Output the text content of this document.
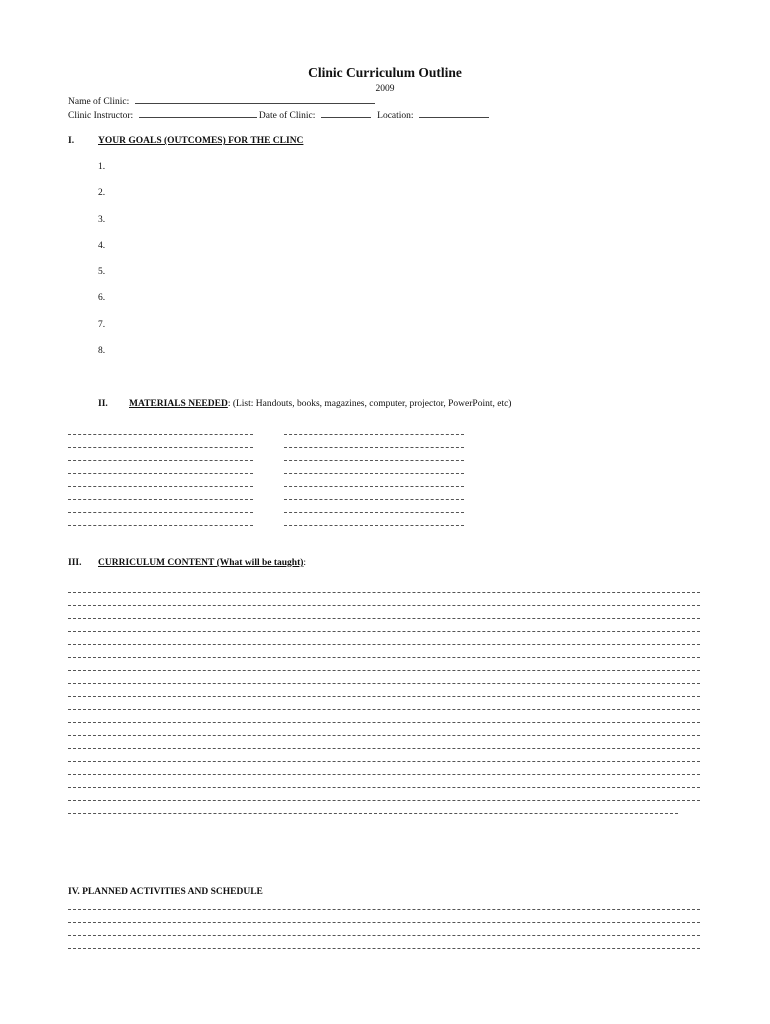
Clinic Curriculum Outline
2009
Name of Clinic:
Clinic Instructor:	Date of Clinic:	Location:
I.	YOUR GOALS (OUTCOMES) FOR THE CLINC
1.
2.
3.
4.
5.
6.
7.
8.
II. MATERIALS NEEDED: (List: Handouts, books, magazines, computer, projector, PowerPoint, etc)
III. CURRICULUM CONTENT (What will be taught):
IV. PLANNED ACTIVITIES AND SCHEDULE
